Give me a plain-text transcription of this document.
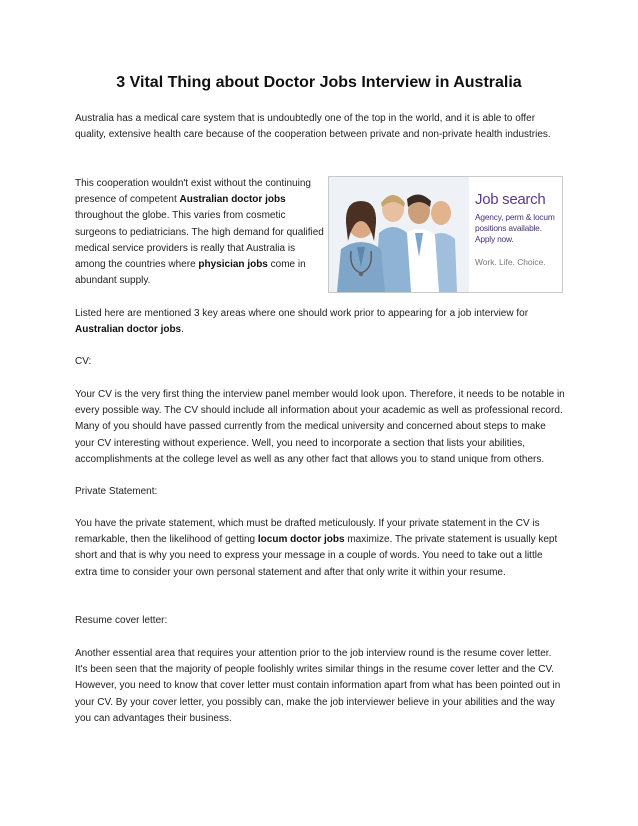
3 Vital Thing about Doctor Jobs Interview in Australia

Australia has a medical care system that is undoubtedly one of the top in the world, and it is able to offer quality, extensive health care because of the cooperation between private and non-private health industries.

This cooperation wouldn't exist without the continuing presence of competent Australian doctor jobs throughout the globe. This varies from cosmetic surgeons to pediatricians. The high demand for qualified medical service providers is really that Australia is among the countries where physician jobs come in abundant supply.

Job search
Agency, perm & locum
positions available. Apply now.
Work. Life. Choice.

Listed here are mentioned 3 key areas where one should work prior to appearing for a job interview for Australian doctor jobs.

CV:

Your CV is the very first thing the interview panel member would look upon. Therefore, it needs to be notable in every possible way. The CV should include all information about your academic as well as professional record. Many of you should have passed currently from the medical university and concerned about steps to make your CV interesting without experience. Well, you need to incorporate a section that lists your abilities, accomplishments at the college level as well as any other fact that allows you to stand unique from others.

Private Statement:

You have the private statement, which must be drafted meticulously. If your private statement in the CV is remarkable, then the likelihood of getting locum doctor jobs maximize. The private statement is usually kept short and that is why you need to express your message in a couple of words. You need to take out a little extra time to consider your own personal statement and after that only write it within your resume.

Resume cover letter:

Another essential area that requires your attention prior to the job interview round is the resume cover letter. It's been seen that the majority of people foolishly writes similar things in the resume cover letter and the CV. However, you need to know that cover letter must contain information apart from what has been pointed out in your CV. By your cover letter, you possibly can, make the job interviewer believe in your abilities and the way you can advantages their business.
